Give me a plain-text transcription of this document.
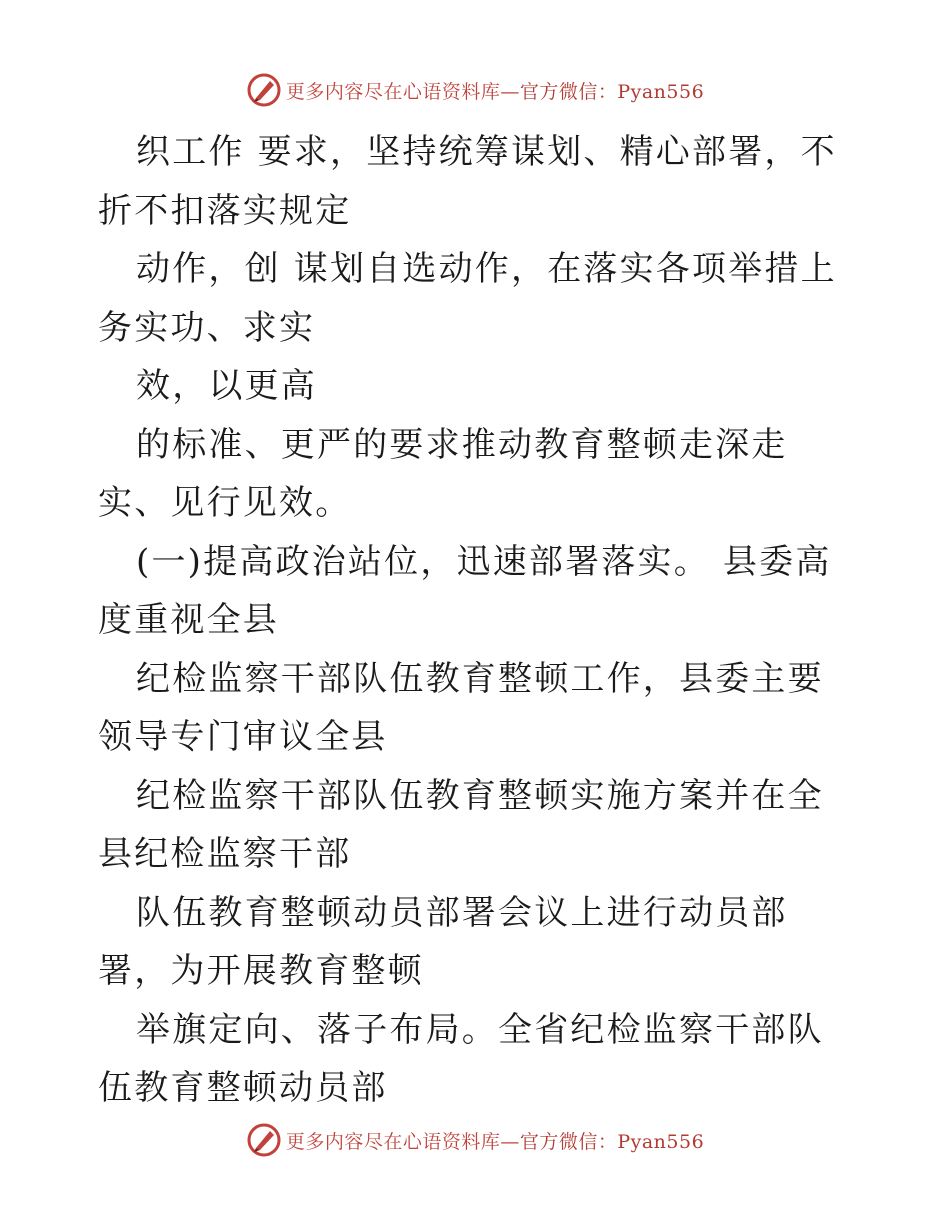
更多内容尽在心语资料库—官方微信：Pyan556

织工作 要求，坚持统筹谋划、精心部署，不折不扣落实规定

动作，创 谋划自选动作，在落实各项举措上务实功、求实

效，以更高

的标准、更严的要求推动教育整顿走深走实、见行见效。

(一)提高政治站位，迅速部署落实。 县委高度重视全县

纪检监察干部队伍教育整顿工作，县委主要领导专门审议全县

纪检监察干部队伍教育整顿实施方案并在全县纪检监察干部

队伍教育整顿动员部署会议上进行动员部署，为开展教育整顿

举旗定向、落子布局。全省纪检监察干部队伍教育整顿动员部

更多内容尽在心语资料库—官方微信：Pyan556
